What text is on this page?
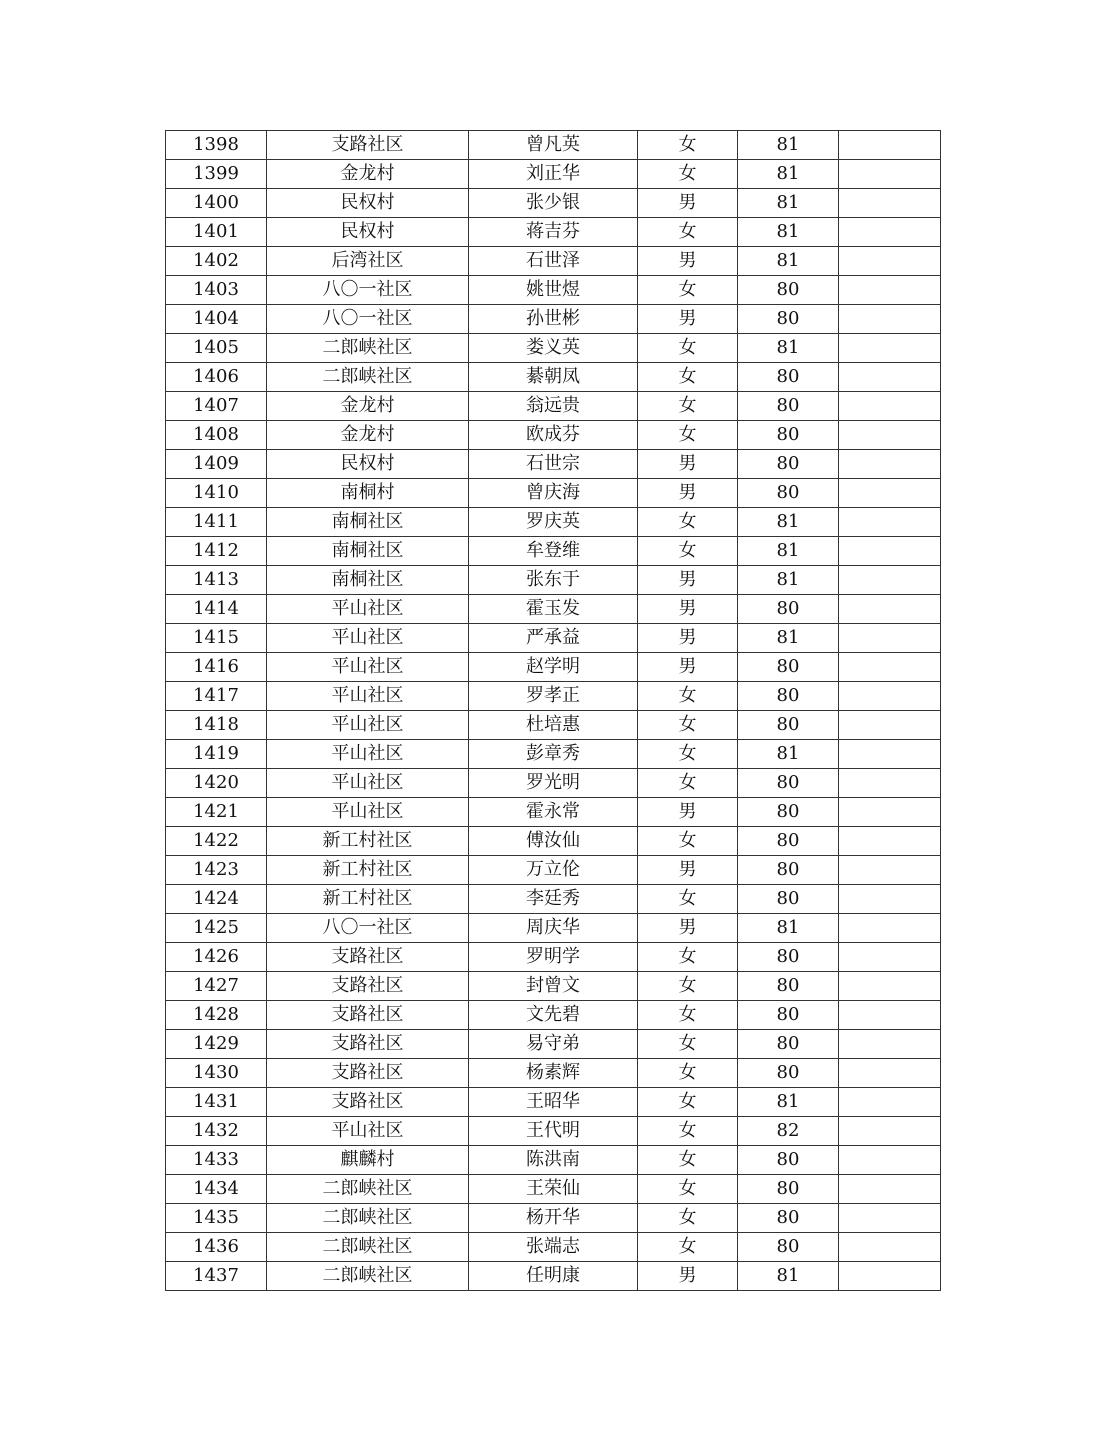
1398	支路社区	曾凡英	女	81	
1399	金龙村	刘正华	女	81	
1400	民权村	张少银	男	81	
1401	民权村	蒋吉芬	女	81	
1402	后湾社区	石世泽	男	81	
1403	八〇一社区	姚世煜	女	80	
1404	八〇一社区	孙世彬	男	80	
1405	二郎峡社区	娄义英	女	81	
1406	二郎峡社区	綦朝凤	女	80	
1407	金龙村	翁远贵	女	80	
1408	金龙村	欧成芬	女	80	
1409	民权村	石世宗	男	80	
1410	南桐村	曾庆海	男	80	
1411	南桐社区	罗庆英	女	81	
1412	南桐社区	牟登维	女	81	
1413	南桐社区	张东于	男	81	
1414	平山社区	霍玉发	男	80	
1415	平山社区	严承益	男	81	
1416	平山社区	赵学明	男	80	
1417	平山社区	罗孝正	女	80	
1418	平山社区	杜培惠	女	80	
1419	平山社区	彭章秀	女	81	
1420	平山社区	罗光明	女	80	
1421	平山社区	霍永常	男	80	
1422	新工村社区	傅汝仙	女	80	
1423	新工村社区	万立伦	男	80	
1424	新工村社区	李廷秀	女	80	
1425	八〇一社区	周庆华	男	81	
1426	支路社区	罗明学	女	80	
1427	支路社区	封曾文	女	80	
1428	支路社区	文先碧	女	80	
1429	支路社区	易守弟	女	80	
1430	支路社区	杨素辉	女	80	
1431	支路社区	王昭华	女	81	
1432	平山社区	王代明	女	82	
1433	麒麟村	陈洪南	女	80	
1434	二郎峡社区	王荣仙	女	80	
1435	二郎峡社区	杨开华	女	80	
1436	二郎峡社区	张端志	女	80	
1437	二郎峡社区	任明康	男	81	
